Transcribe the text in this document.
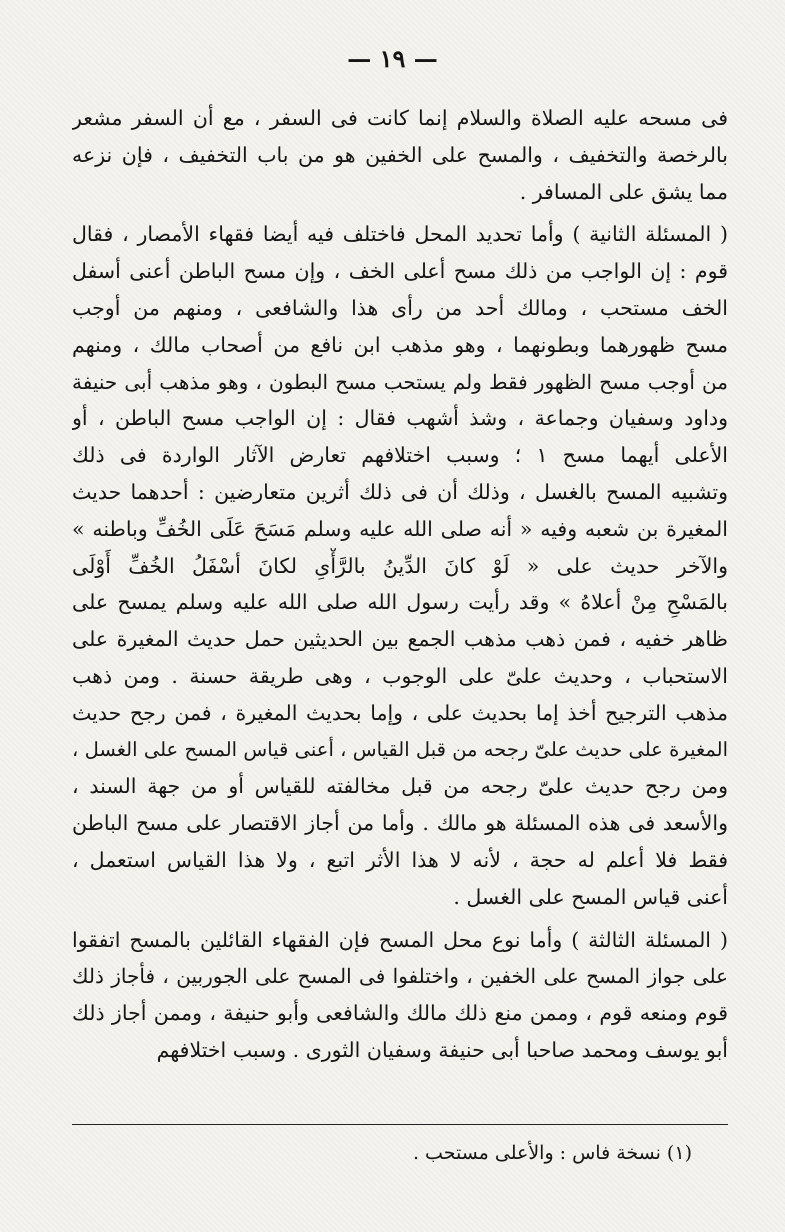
— ١٩ —
فى مسحه عليه الصلاة والسلام إنما كانت فى السفر ، مع أن السفر مشعر
بالرخصة والتخفيف ، والمسح على الخفين هو من باب التخفيف ، فإن نزعه
مما يشق على المسافر .
( المسئلة الثانية ) وأما تحديد المحل فاختلف فيه أيضا فقهاء الأمصار ، فقال
قوم : إن الواجب من ذلك مسح أعلى الخف ، وإن مسح الباطن أعنى أسفل
الخف مستحب ، ومالك أحد من رأى هذا والشافعى ، ومنهم من أوجب
مسح ظهورهما وبطونهما ، وهو مذهب ابن نافع من أصحاب مالك ، ومنهم
من أوجب مسح الظهور فقط ولم يستحب مسح البطون ، وهو مذهب أبى حنيفة
وداود وسفيان وجماعة ، وشذ أشهب فقال : إن الواجب مسح الباطن ، أو
الأعلى أيهما مسح ١ ؛ وسبب اختلافهم تعارض الآثار الواردة فى ذلك
وتشبيه المسح بالغسل ، وذلك أن فى ذلك أثرين متعارضين : أحدهما حديث
المغيرة بن شعبه وفيه « أنه صلى الله عليه وسلم مَسَحَ عَلَى الخُفِّ وباطنه »
والآخر حديث على « لَوْ كانَ الدِّينُ بالرَّأْىِ لكانَ أسْفَلُ الخُفِّ أَوْلَى
بالمَسْحِ مِنْ أعلاهُ » وقد رأيت رسول الله صلى الله عليه وسلم يمسح على
ظاهر خفيه ، فمن ذهب مذهب الجمع بين الحديثين حمل حديث المغيرة على
الاستحباب ، وحديث علىّ على الوجوب ، وهى طريقة حسنة . ومن ذهب
مذهب الترجيح أخذ إما بحديث على ، وإما بحديث المغيرة ، فمن رجح حديث
المغيرة على حديث علىّ رجحه من قبل القياس ، أعنى قياس المسح على الغسل ،
ومن رجح حديث علىّ رجحه من قبل مخالفته للقياس أو من جهة السند ،
والأسعد فى هذه المسئلة هو مالك . وأما من أجاز الاقتصار على مسح الباطن
فقط فلا أعلم له حجة ، لأنه لا هذا الأثر اتبع ، ولا هذا القياس استعمل ،
أعنى قياس المسح على الغسل .
( المسئلة الثالثة ) وأما نوع محل المسح فإن الفقهاء القائلين بالمسح اتفقوا
على جواز المسح على الخفين ، واختلفوا فى المسح على الجوربين ، فأجاز ذلك
قوم ومنعه قوم ، وممن منع ذلك مالك والشافعى وأبو حنيفة ، وممن أجاز ذلك
أبو يوسف ومحمد صاحبا أبى حنيفة وسفيان الثورى . وسبب اختلافهم
(١) نسخة فاس : والأعلى مستحب .
